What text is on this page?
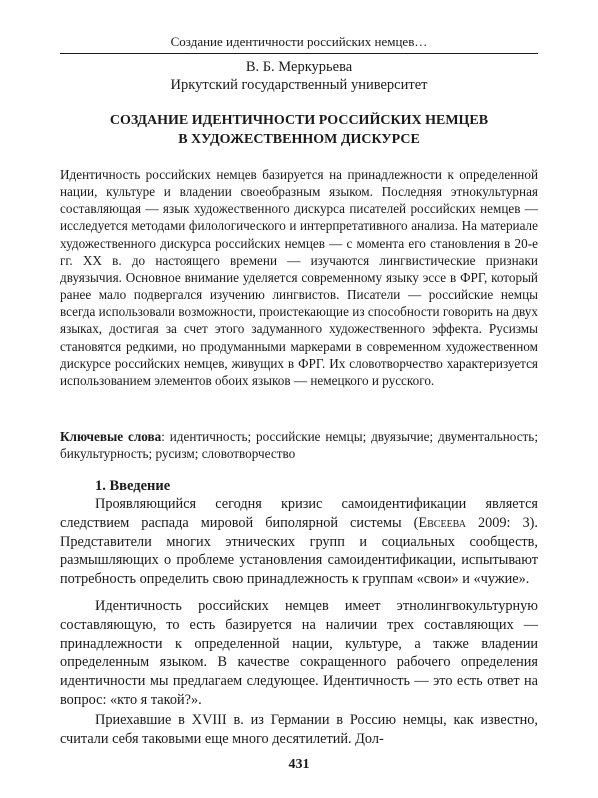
Создание идентичности российских немцев…
В. Б. Меркурьева
Иркутский государственный университет
СОЗДАНИЕ ИДЕНТИЧНОСТИ РОССИЙСКИХ НЕМЦЕВ
В ХУДОЖЕСТВЕННОМ ДИСКУРСЕ
Идентичность российских немцев базируется на принадлежности к определенной нации, культуре и владении своеобразным языком. Последняя этнокультурная составляющая — язык художественного дискурса писателей российских немцев — исследуется методами филологического и интерпретативного анализа. На материале художественного дискурса российских немцев — с момента его становления в 20-е гг. XX в. до настоящего времени — изучаются лингвистические признаки двуязычия. Основное внимание уделяется современному языку эссе в ФРГ, который ранее мало подвергался изучению лингвистов. Писатели — российские немцы всегда использовали возможности, проистекающие из способности говорить на двух языках, достигая за счет этого задуманного художественного эффекта. Русизмы становятся редкими, но продуманными маркерами в современном художественном дискурсе российских немцев, живущих в ФРГ. Их словотворчество характеризуется использованием элементов обоих языков — немецкого и русского.
Ключевые слова: идентичность; российские немцы; двуязычие; двументальность; бикультурность; русизм; словотворчество
1. Введение
Проявляющийся сегодня кризис самоидентификации является следствием распада мировой биполярной системы (Евсеева 2009: 3). Представители многих этнических групп и социальных сообществ, размышляющих о проблеме установления самоидентификации, испытывают потребность определить свою принадлежность к группам «свои» и «чужие».
Идентичность российских немцев имеет этнолингвокультурную составляющую, то есть базируется на наличии трех составляющих — принадлежности к определенной нации, культуре, а также владении определенным языком. В качестве сокращенного рабочего определения идентичности мы предлагаем следующее. Идентичность — это есть ответ на вопрос: «кто я такой?».
Приехавшие в XVIII в. из Германии в Россию немцы, как известно, считали себя таковыми еще много десятилетий. Дол-
431
